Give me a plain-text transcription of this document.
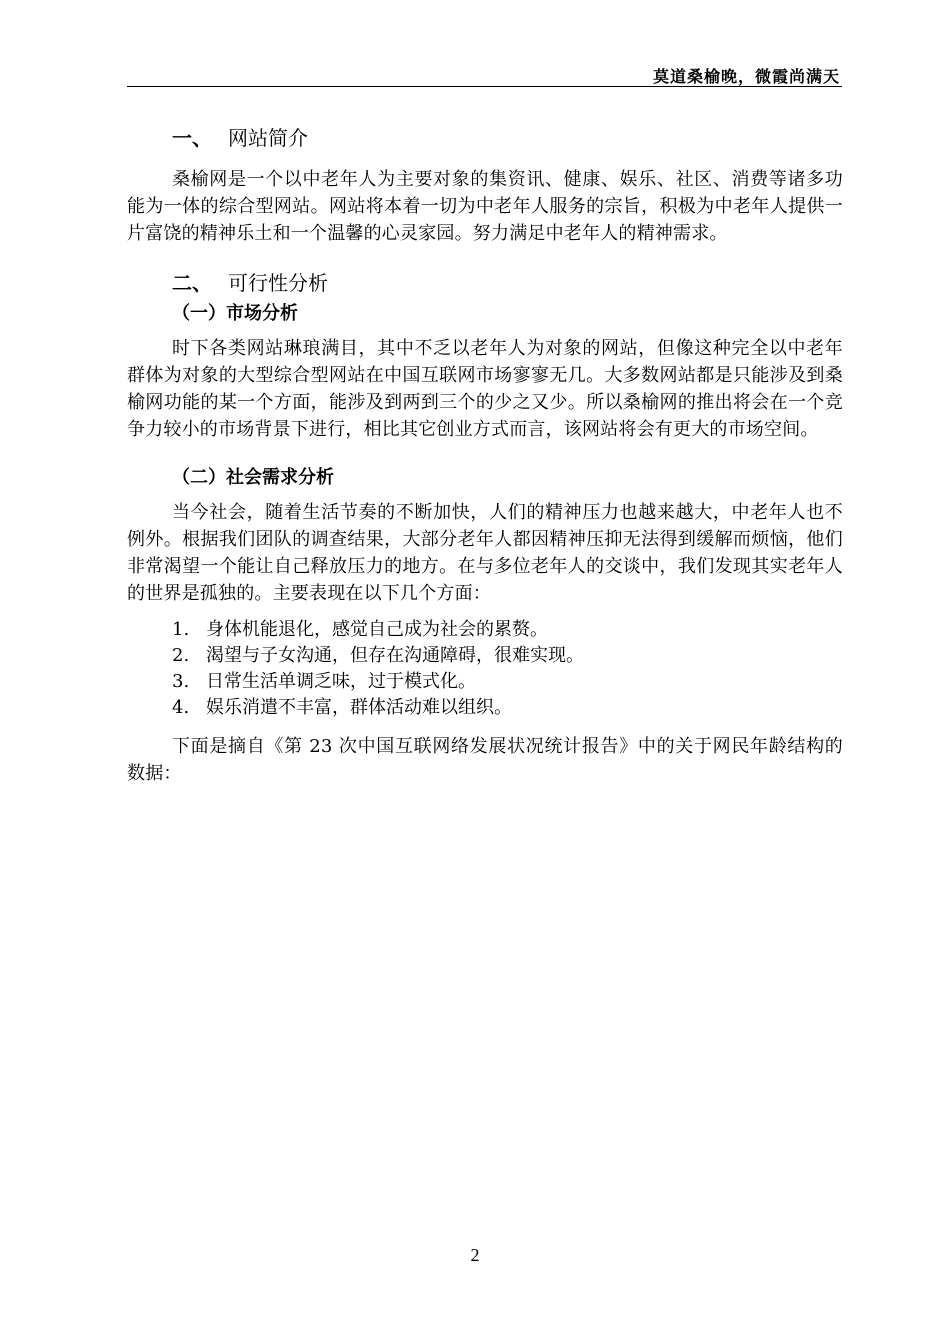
莫道桑榆晚，微霞尚满天
一、 网站简介

桑榆网是一个以中老年人为主要对象的集资讯、健康、娱乐、社区、消费等诸多功能为一体的综合型网站。网站将本着一切为中老年人服务的宗旨，积极为中老年人提供一片富饶的精神乐土和一个温馨的心灵家园。努力满足中老年人的精神需求。

二、 可行性分析
（一）市场分析

时下各类网站琳琅满目，其中不乏以老年人为对象的网站，但像这种完全以中老年群体为对象的大型综合型网站在中国互联网市场寥寥无几。大多数网站都是只能涉及到桑榆网功能的某一个方面，能涉及到两到三个的少之又少。所以桑榆网的推出将会在一个竞争力较小的市场背景下进行，相比其它创业方式而言，该网站将会有更大的市场空间。

（二）社会需求分析

当今社会，随着生活节奏的不断加快，人们的精神压力也越来越大，中老年人也不例外。根据我们团队的调查结果，大部分老年人都因精神压抑无法得到缓解而烦恼，他们非常渴望一个能让自己释放压力的地方。在与多位老年人的交谈中，我们发现其实老年人的世界是孤独的。主要表现在以下几个方面：

1. 身体机能退化，感觉自己成为社会的累赘。
2. 渴望与子女沟通，但存在沟通障碍，很难实现。
3. 日常生活单调乏味，过于模式化。
4. 娱乐消遣不丰富，群体活动难以组织。

下面是摘自《第 23 次中国互联网络发展状况统计报告》中的关于网民年龄结构的数据：

2
